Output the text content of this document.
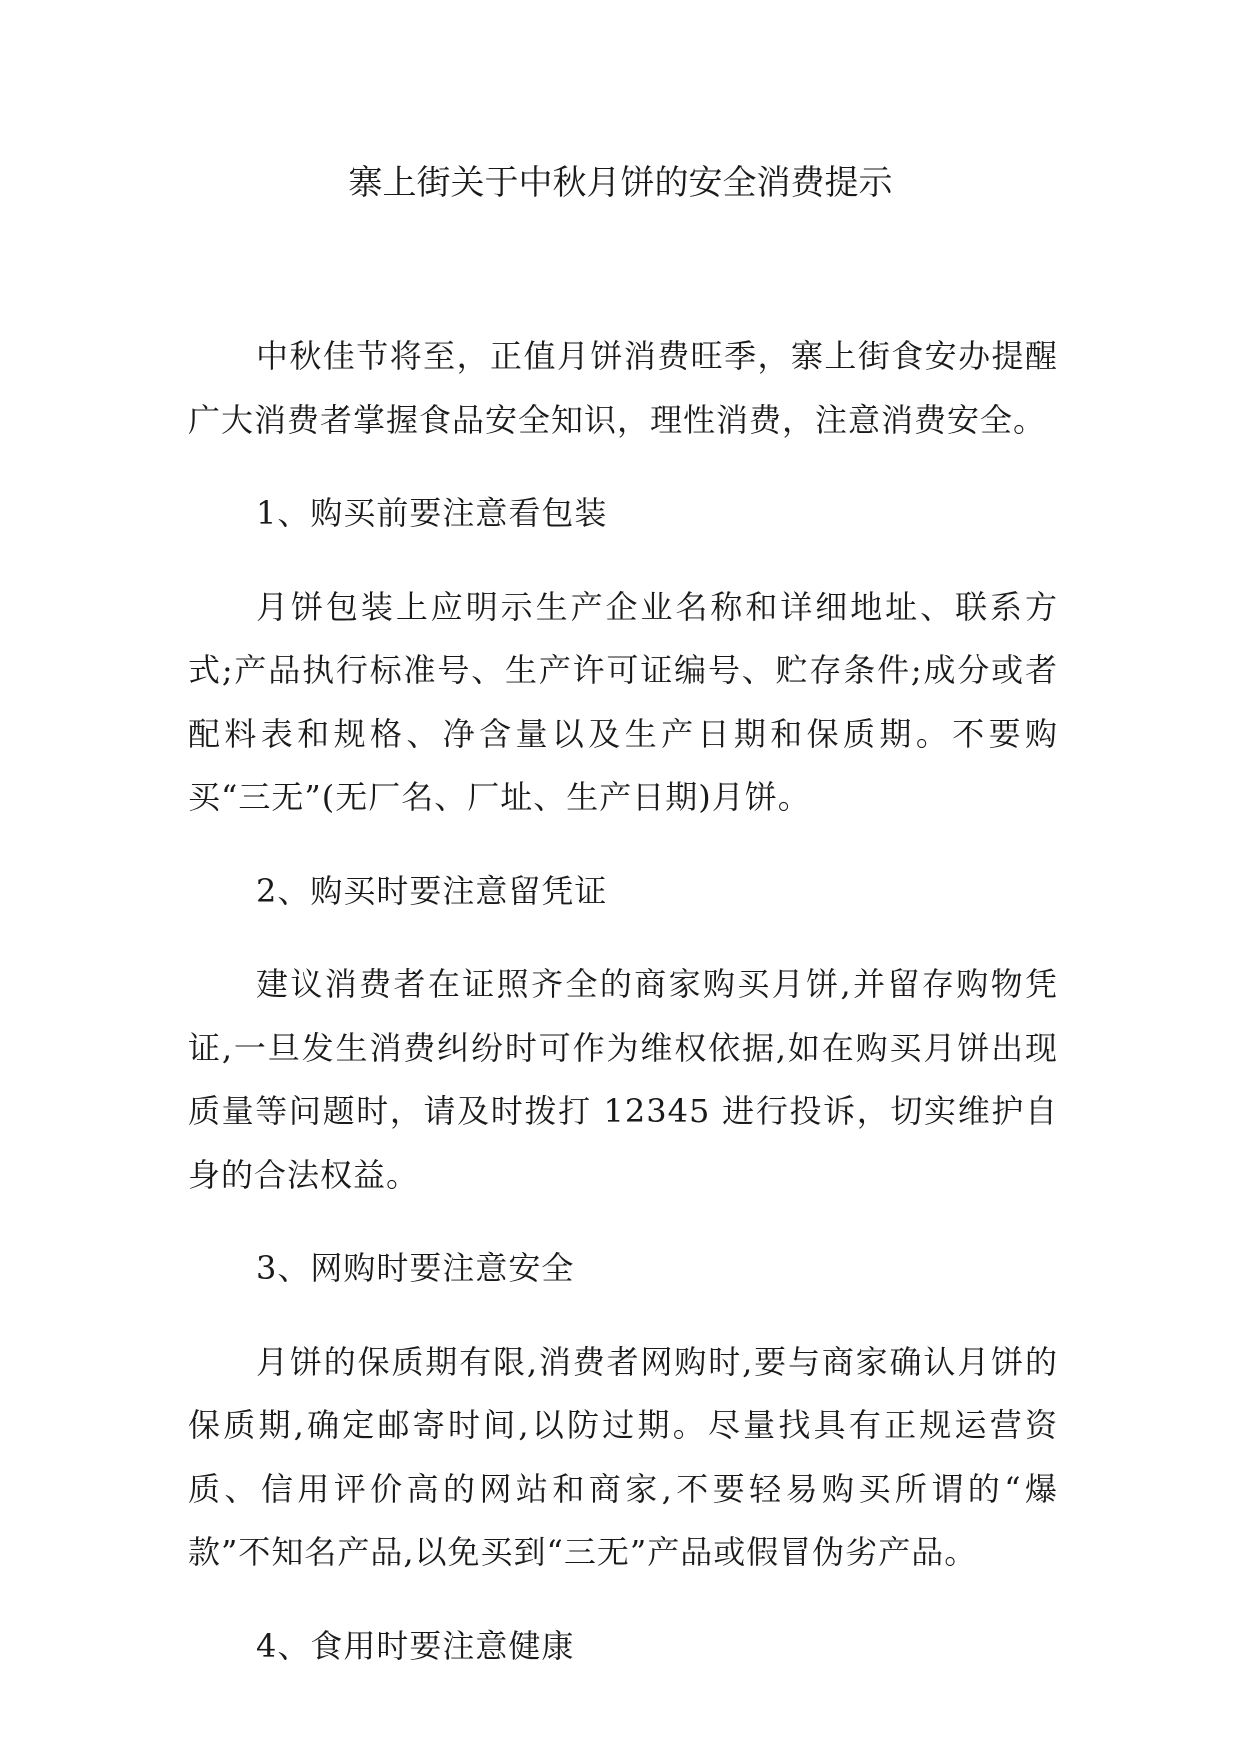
寨上街关于中秋月饼的安全消费提示

中秋佳节将至，正值月饼消费旺季，寨上街食安办提醒广大消费者掌握食品安全知识，理性消费，注意消费安全。

1、购买前要注意看包装

月饼包装上应明示生产企业名称和详细地址、联系方式;产品执行标准号、生产许可证编号、贮存条件;成分或者配料表和规格、净含量以及生产日期和保质期。不要购买“三无”(无厂名、厂址、生产日期)月饼。

2、购买时要注意留凭证

建议消费者在证照齐全的商家购买月饼,并留存购物凭证,一旦发生消费纠纷时可作为维权依据,如在购买月饼出现质量等问题时，请及时拨打 12345 进行投诉，切实维护自身的合法权益。

3、网购时要注意安全

月饼的保质期有限,消费者网购时,要与商家确认月饼的保质期,确定邮寄时间,以防过期。尽量找具有正规运营资质、信用评价高的网站和商家,不要轻易购买所谓的“爆款”不知名产品,以免买到“三无”产品或假冒伪劣产品。

4、食用时要注意健康
